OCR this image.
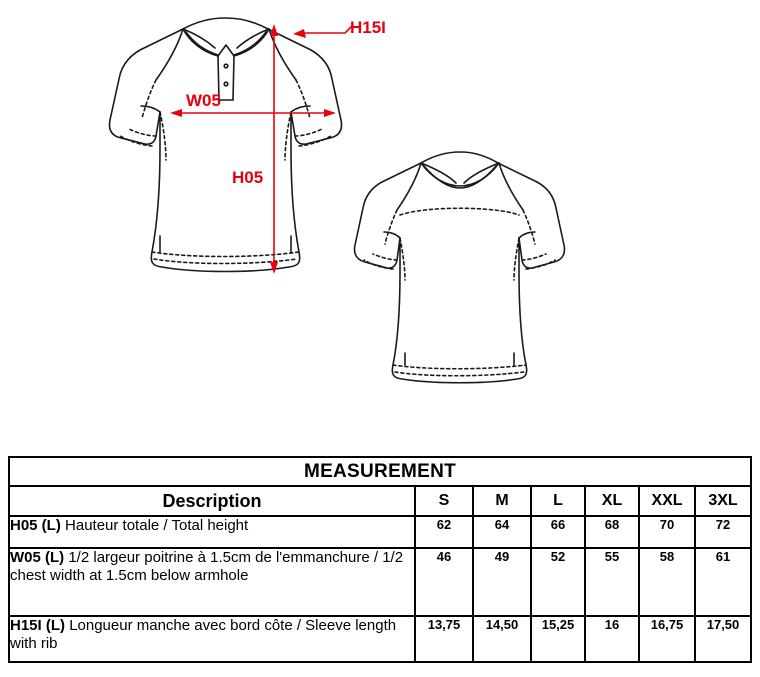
H15I
W05
H05
MEASUREMENT						
Description	S	M	L	XL	XXL	3XL
H05 (L) Hauteur totale / Total height	62	64	66	68	70	72
W05 (L) 1/2 largeur poitrine à 1.5cm de l'emmanchure / 1/2 chest width at 1.5cm below armhole	46	49	52	55	58	61
H15I (L) Longueur manche avec bord côte / Sleeve length with rib	13,75	14,50	15,25	16	16,75	17,50
